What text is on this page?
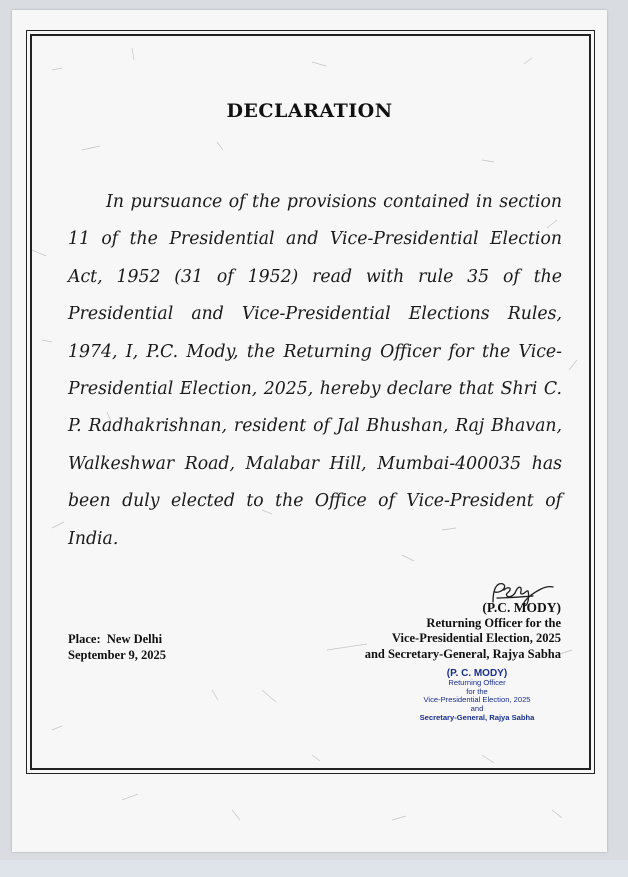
DECLARATION

In pursuance of the provisions contained in section 11 of the Presidential and Vice-Presidential Election Act, 1952 (31 of 1952) read with rule 35 of the Presidential and Vice-Presidential Elections Rules, 1974, I, P.C. Mody, the Returning Officer for the Vice-Presidential Election, 2025, hereby declare that Shri C. P. Radhakrishnan, resident of Jal Bhushan, Raj Bhavan, Walkeshwar Road, Malabar Hill, Mumbai-400035 has been duly elected to the Office of Vice-President of India.

(P.C. MODY)
Returning Officer for the
Vice-Presidential Election, 2025
and Secretary-General, Rajya Sabha
Place:  New Delhi
September 9, 2025
(P. C. MODY)
Returning Officer
for the
Vice-Presidential Election, 2025
and
Secretary-General, Rajya Sabha
